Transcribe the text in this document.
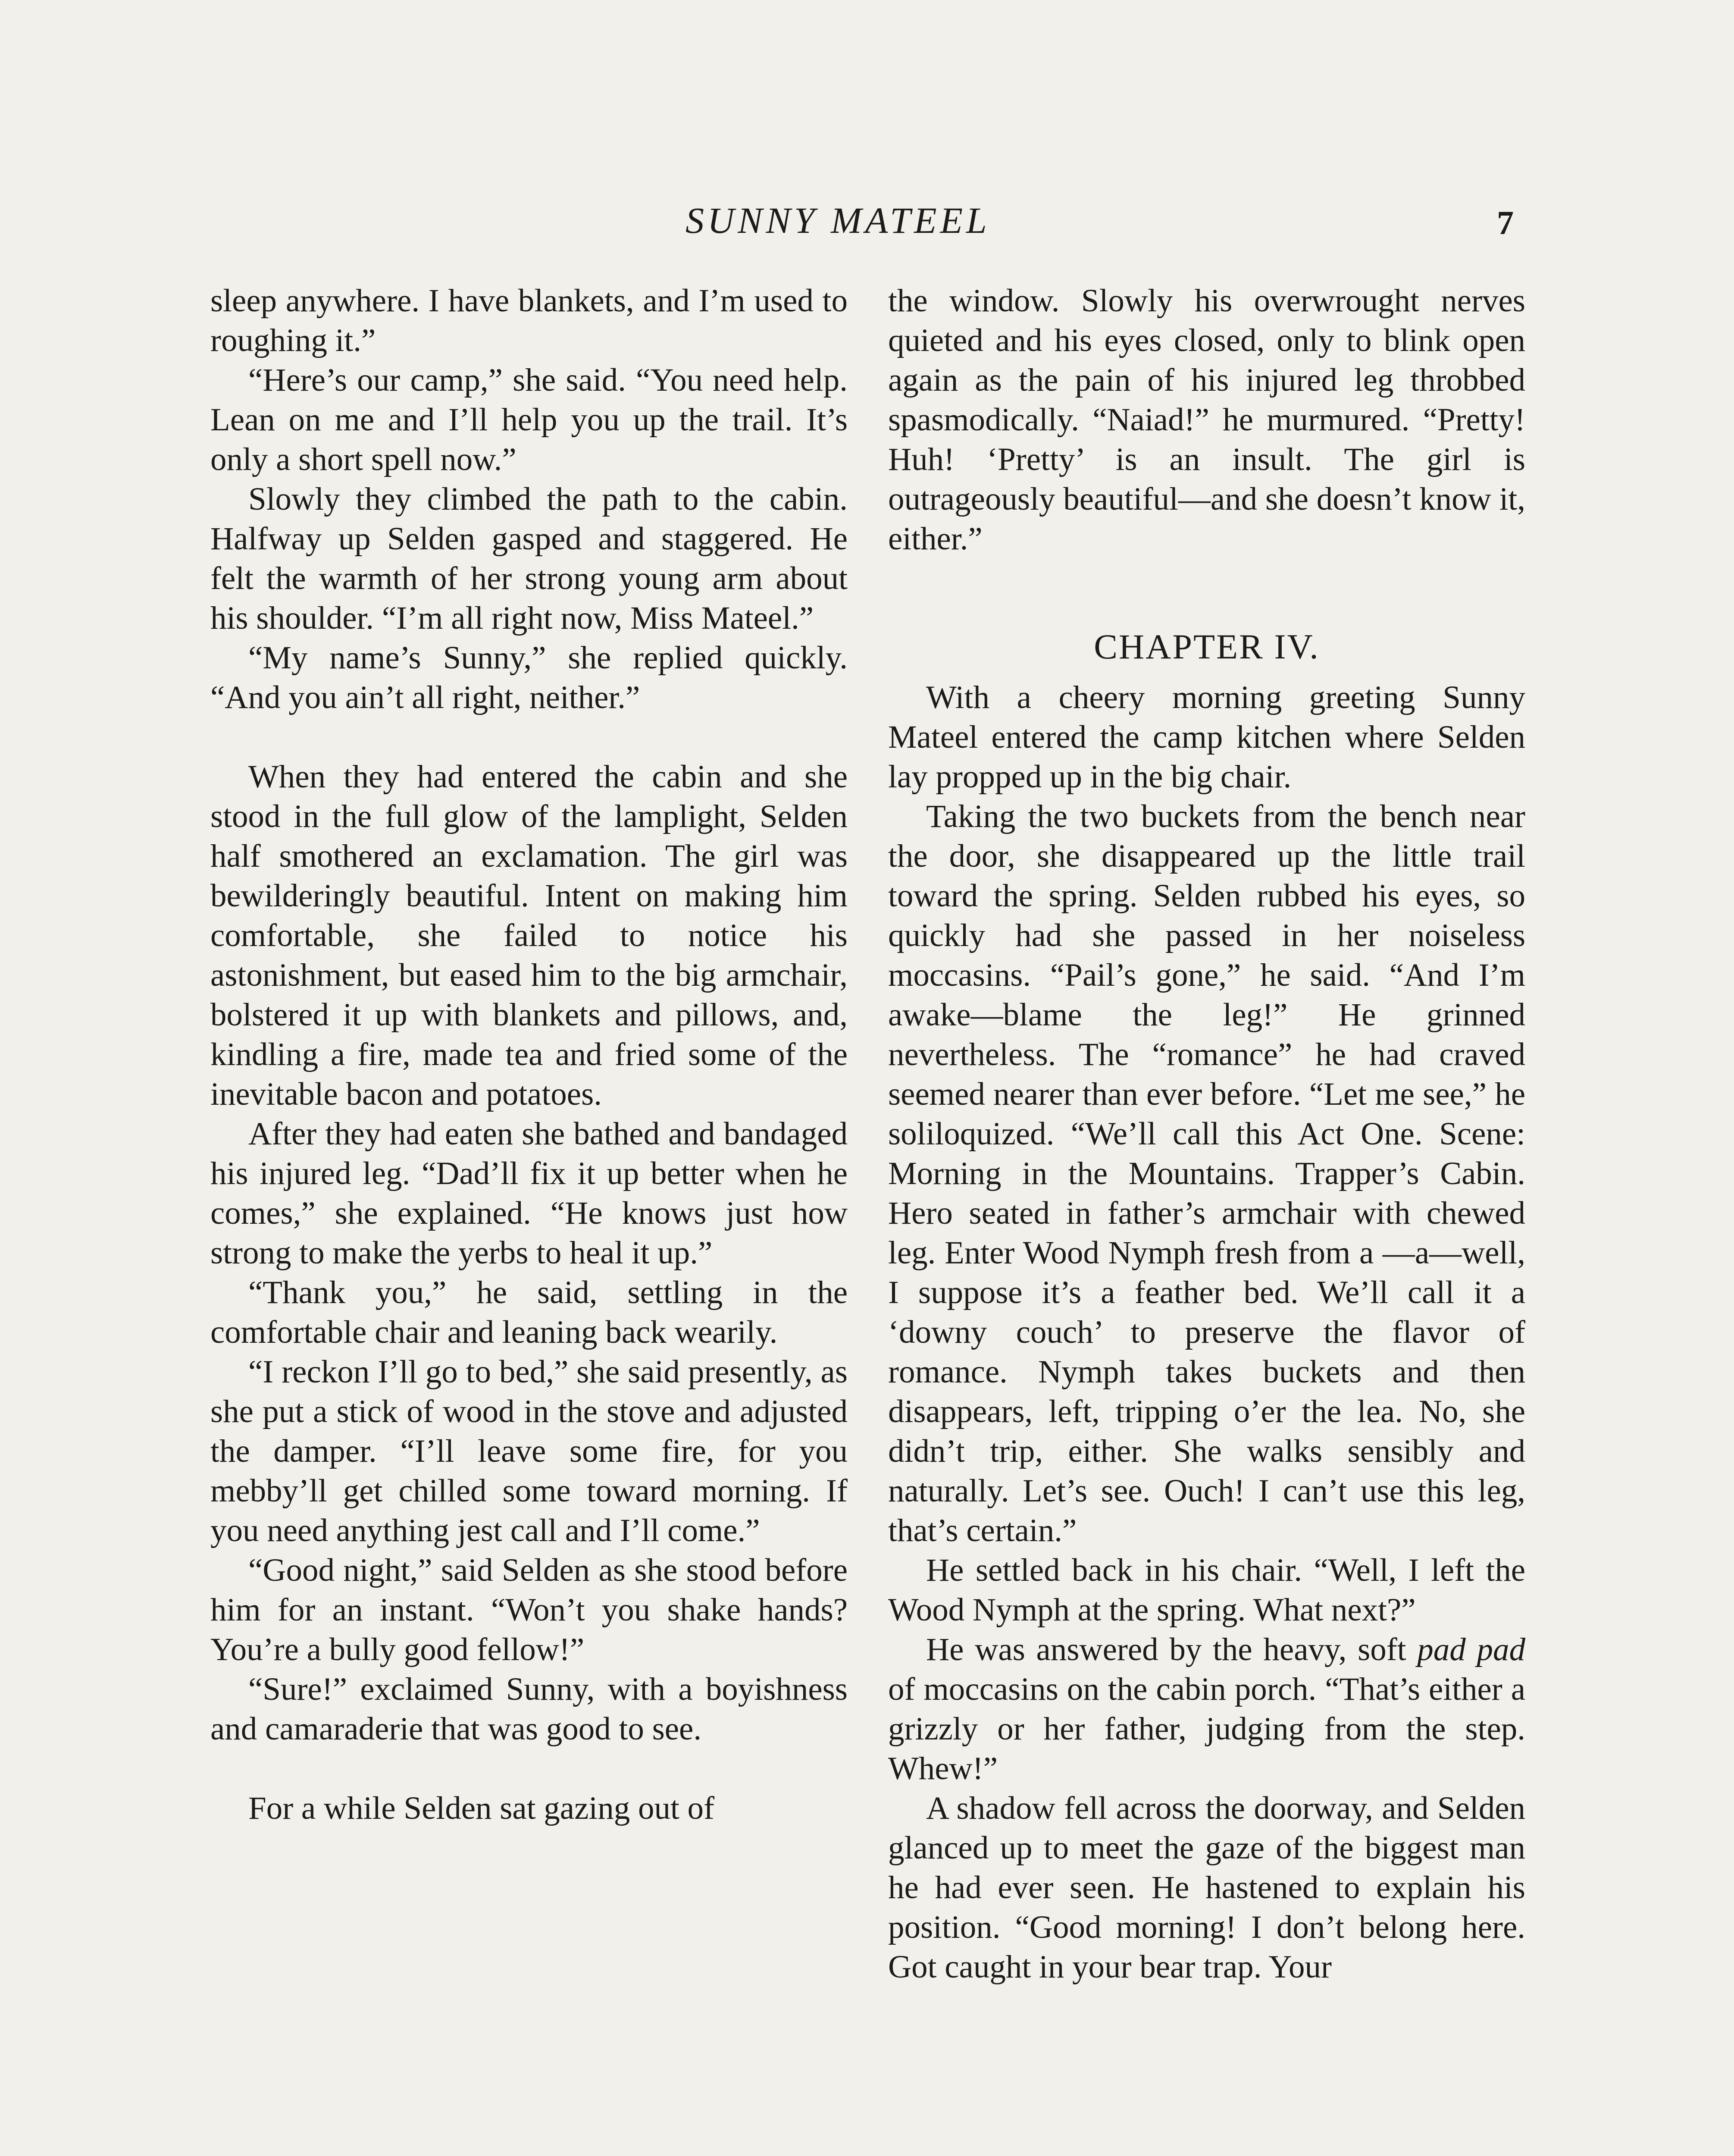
SUNNY MATEEL	7

sleep anywhere. I have blankets, and I’m used to roughing it.”

“Here’s our camp,” she said. “You need help. Lean on me and I’ll help you up the trail. It’s only a short spell now.”

Slowly they climbed the path to the cabin. Halfway up Selden gasped and staggered. He felt the warmth of her strong young arm about his shoulder. “I’m all right now, Miss Mateel.”

“My name’s Sunny,” she replied quickly. “And you ain’t all right, neither.”

When they had entered the cabin and she stood in the full glow of the lamplight, Selden half smothered an exclamation. The girl was bewilderingly beautiful. Intent on making him comfortable, she failed to notice his astonishment, but eased him to the big armchair, bolstered it up with blankets and pillows, and, kindling a fire, made tea and fried some of the inevitable bacon and potatoes.

After they had eaten she bathed and bandaged his injured leg. “Dad’ll fix it up better when he comes,” she explained. “He knows just how strong to make the yerbs to heal it up.”

“Thank you,” he said, settling in the comfortable chair and leaning back wearily.

“I reckon I’ll go to bed,” she said presently, as she put a stick of wood in the stove and adjusted the damper. “I’ll leave some fire, for you mebby’ll get chilled some toward morning. If you need anything jest call and I’ll come.”

“Good night,” said Selden as she stood before him for an instant. “Won’t you shake hands? You’re a bully good fellow!”

“Sure!” exclaimed Sunny, with a boyishness and camaraderie that was good to see.

For a while Selden sat gazing out of

the window. Slowly his overwrought nerves quieted and his eyes closed, only to blink open again as the pain of his injured leg throbbed spasmodically. “Naiad!” he murmured. “Pretty! Huh! ‘Pretty’ is an insult. The girl is outrageously beautiful—and she doesn’t know it, either.”

CHAPTER IV.

With a cheery morning greeting Sunny Mateel entered the camp kitchen where Selden lay propped up in the big chair.

Taking the two buckets from the bench near the door, she disappeared up the little trail toward the spring. Selden rubbed his eyes, so quickly had she passed in her noiseless moccasins. “Pail’s gone,” he said. “And I’m awake—blame the leg!” He grinned nevertheless. The “romance” he had craved seemed nearer than ever before. “Let me see,” he soliloquized. “We’ll call this Act One. Scene: Morning in the Mountains. Trapper’s Cabin. Hero seated in father’s armchair with chewed leg. Enter Wood Nymph fresh from a —a—well, I suppose it’s a feather bed. We’ll call it a ‘downy couch’ to preserve the flavor of romance. Nymph takes buckets and then disappears, left, tripping o’er the lea. No, she didn’t trip, either. She walks sensibly and naturally. Let’s see. Ouch! I can’t use this leg, that’s certain.”

He settled back in his chair. “Well, I left the Wood Nymph at the spring. What next?”

He was answered by the heavy, soft pad pad of moccasins on the cabin porch. “That’s either a grizzly or her father, judging from the step. Whew!”

A shadow fell across the doorway, and Selden glanced up to meet the gaze of the biggest man he had ever seen. He hastened to explain his position. “Good morning! I don’t belong here. Got caught in your bear trap. Your
